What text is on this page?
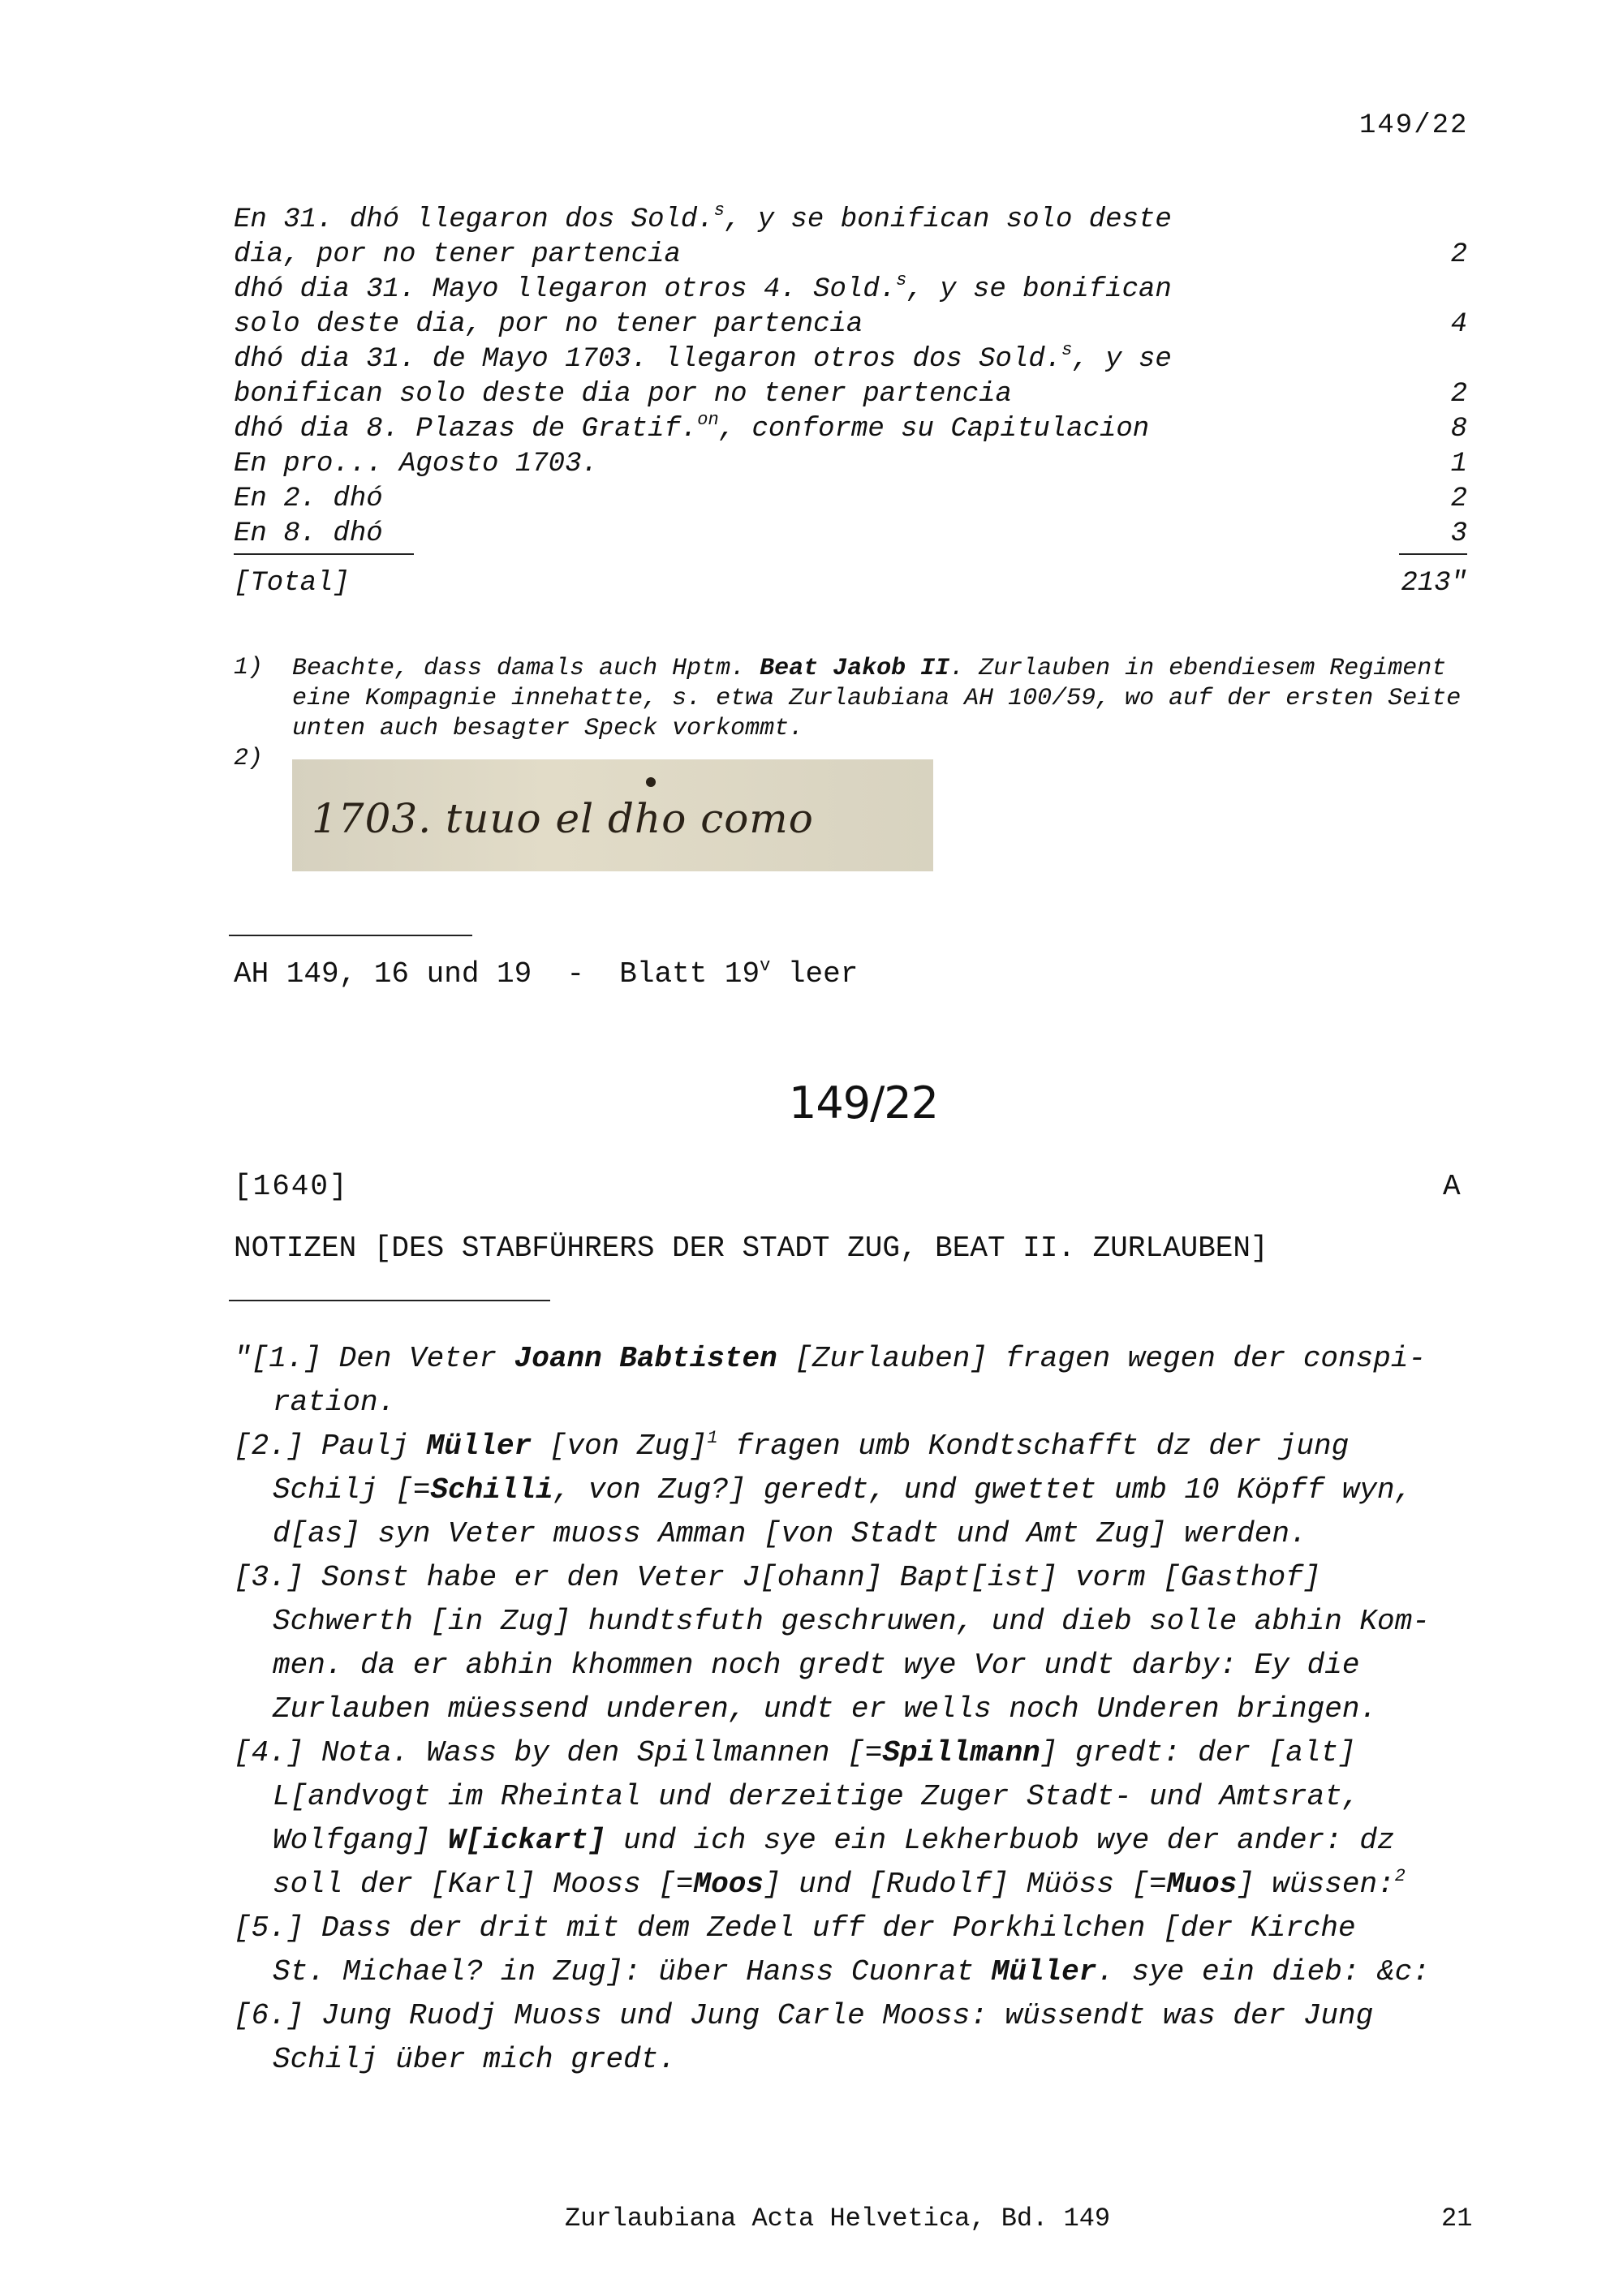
149/22
En 31. dhó llegaron dos Sold.$^s$, y se bonifican solo deste
dia, por no tener partencia	2
dhó dia 31. Mayo llegaron otros 4. Sold.$^s$, y se bonifican
solo deste dia, por no tener partencia	4
dhó dia 31. de Mayo 1703. llegaron otros dos Sold.$^s$, y se
bonifican solo deste dia por no tener partencia	2
dhó dia 8. Plazas de Gratif.$^{on}$, conforme su Capitulacion	8
En pro... Agosto 1703.	1
En 2. dhó	2
En 8. dhó	3
[Total]	213"
1) Beachte, dass damals auch Hptm. Beat Jakob II. Zurlauben in ebendiesem Regiment eine Kompagnie innehatte, s. etwa Zurlaubiana AH 100/59, wo auf der ersten Seite unten auch besagter Speck vorkommt.
2)
1703. tuuo el dho como
AH 149, 16 und 19  -  Blatt 19$^v$ leer
149/22
[1640]	A
NOTIZEN [DES STABFÜHRERS DER STADT ZUG, BEAT II. ZURLAUBEN]
"[1.] Den Veter Joann Babtisten [Zurlauben] fragen wegen der conspi-
ration.
[2.] Paulj Müller [von Zug]$^1$ fragen umb Kondtschafft dz der jung
Schilj [=Schilli, von Zug?] geredt, und gwettet umb 10 Köpff wyn,
d[as] syn Veter muoss Amman [von Stadt und Amt Zug] werden.
[3.] Sonst habe er den Veter J[ohann] Bapt[ist] vorm [Gasthof]
Schwerth [in Zug] hundtsfuth geschruwen, und dieb solle abhin Kom-
men. da er abhin khommen noch gredt wye Vor undt darby: Ey die
Zurlauben müessend underen, undt er wells noch Underen bringen.
[4.] Nota. Wass by den Spillmannen [=Spillmann] gredt: der [alt]
L[andvogt im Rheintal und derzeitige Zuger Stadt- und Amtsrat,
Wolfgang] W[ickart] und ich sye ein Lekherbuob wye der ander: dz
soll der [Karl] Mooss [=Moos] und [Rudolf] Müöss [=Muos] wüssen:$^2$
[5.] Dass der drit mit dem Zedel uff der Porkhilchen [der Kirche
St. Michael? in Zug]: über Hanss Cuonrat Müller. sye ein dieb: &c:
[6.] Jung Ruodj Muoss und Jung Carle Mooss: wüssendt was der Jung
Schilj über mich gredt.
Zurlaubiana Acta Helvetica, Bd. 149	21
